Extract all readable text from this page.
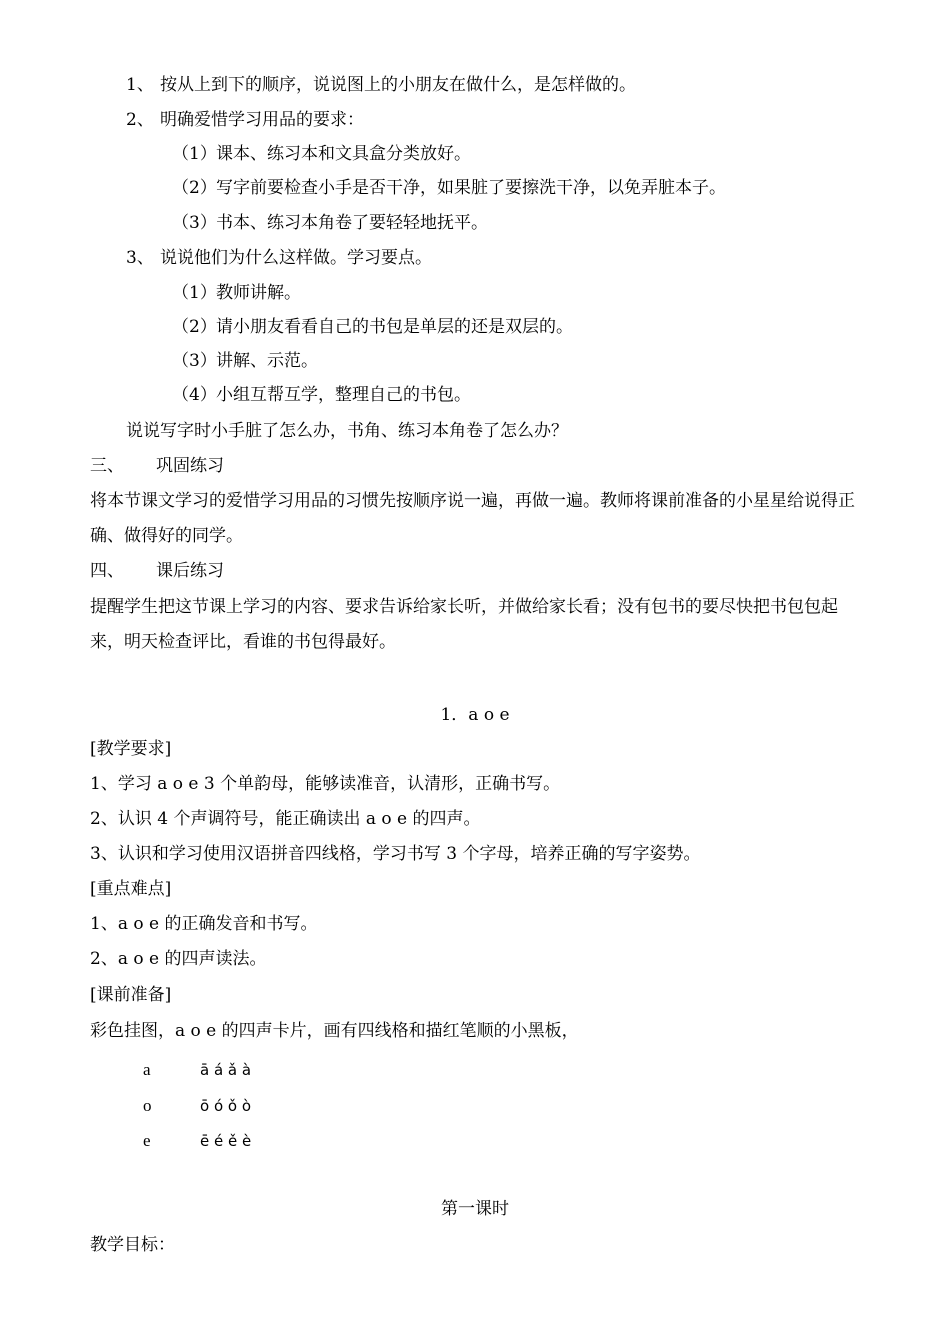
1、 按从上到下的顺序，说说图上的小朋友在做什么，是怎样做的。
2、 明确爱惜学习用品的要求：
（1）课本、练习本和文具盒分类放好。
（2）写字前要检查小手是否干净，如果脏了要擦洗干净，以免弄脏本子。
（3）书本、练习本角卷了要轻轻地抚平。
3、 说说他们为什么这样做。学习要点。
（1）教师讲解。
（2）请小朋友看看自己的书包是单层的还是双层的。
（3）讲解、示范。
（4）小组互帮互学，整理自己的书包。
说说写字时小手脏了怎么办，书角、练习本角卷了怎么办？
三、 巩固练习
将本节课文学习的爱惜学习用品的习惯先按顺序说一遍，再做一遍。教师将课前准备的小星星给说得正确、做得好的同学。
四、 课后练习
提醒学生把这节课上学习的内容、要求告诉给家长听，并做给家长看；没有包书的要尽快把书包包起来，明天检查评比，看谁的书包得最好。
1．a o e
[教学要求]
1、学习 a o e 3 个单韵母，能够读准音，认清形，正确书写。
2、认识 4 个声调符号，能正确读出 a o e 的四声。
3、认识和学习使用汉语拼音四线格，学习书写 3 个字母，培养正确的写字姿势。
[重点难点]
1、a o e 的正确发音和书写。
2、a o e 的四声读法。
[课前准备]
彩色挂图，a o e 的四声卡片，画有四线格和描红笔顺的小黑板，
a	ā á ǎ à
o	ō ó ǒ ò
e	ē é ě è
第一课时
教学目标：
